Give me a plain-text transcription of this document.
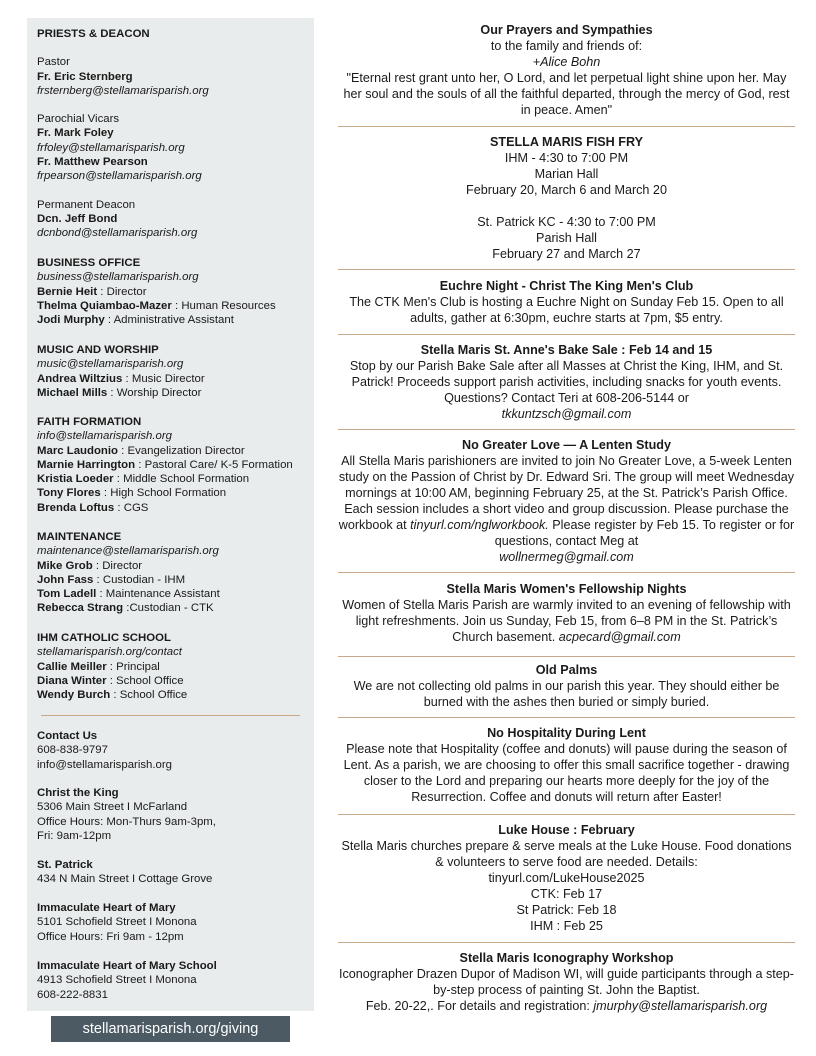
PRIESTS & DEACON
Pastor
Fr. Eric Sternberg
frsternberg@stellamarisparish.org
Parochial Vicars
Fr. Mark Foley
frfoley@stellamarisparish.org
Fr. Matthew Pearson
frpearson@stellamarisparish.org
Permanent Deacon
Dcn. Jeff Bond
dcnbond@stellamarisparish.org
BUSINESS OFFICE
business@stellamarisparish.org
Bernie Heit : Director
Thelma Quiambao-Mazer : Human Resources
Jodi Murphy : Administrative Assistant
MUSIC AND WORSHIP
music@stellamarisparish.org
Andrea Wiltzius : Music Director
Michael Mills : Worship Director
FAITH FORMATION
info@stellamarisparish.org
Marc Laudonio : Evangelization Director
Marnie Harrington : Pastoral Care/ K-5 Formation
Kristia Loeder : Middle School Formation
Tony Flores : High School Formation
Brenda Loftus : CGS
MAINTENANCE
maintenance@stellamarisparish.org
Mike Grob : Director
John Fass : Custodian - IHM
Tom Ladell : Maintenance Assistant
Rebecca Strang :Custodian - CTK
IHM CATHOLIC SCHOOL
stellamarisparish.org/contact
Callie Meiller : Principal
Diana Winter : School Office
Wendy Burch : School Office
Contact Us
608-838-9797
info@stellamarisparish.org
Christ the King
5306 Main Street I McFarland
Office Hours: Mon-Thurs 9am-3pm,
Fri: 9am-12pm
St. Patrick
434 N Main Street I Cottage Grove
Immaculate Heart of Mary
5101 Schofield Street I Monona
Office Hours: Fri 9am - 12pm
Immaculate Heart of Mary School
4913 Schofield Street I Monona
608-222-8831
stellamarisparish.org/giving
Our Prayers and Sympathies
to the family and friends of:
+Alice Bohn
"Eternal rest grant unto her, O Lord, and let perpetual light shine upon her. May her soul and the souls of all the faithful departed, through the mercy of God, rest in peace. Amen"
STELLA MARIS FISH FRY
IHM - 4:30 to 7:00 PM
Marian Hall
February 20, March 6 and March 20
St. Patrick KC - 4:30 to 7:00 PM
Parish Hall
February 27 and March 27
Euchre Night - Christ The King Men's Club
The CTK Men's Club is hosting a Euchre Night on Sunday Feb 15. Open to all adults, gather at 6:30pm, euchre starts at 7pm, $5 entry.
Stella Maris St. Anne's Bake Sale : Feb 14 and 15
Stop by our Parish Bake Sale after all Masses at Christ the King, IHM, and St. Patrick! Proceeds support parish activities, including snacks for youth events. Questions? Contact Teri at 608-206-5144 or
tkkuntzsch@gmail.com
No Greater Love — A Lenten Study
All Stella Maris parishioners are invited to join No Greater Love, a 5-week Lenten study on the Passion of Christ by Dr. Edward Sri. The group will meet Wednesday mornings at 10:00 AM, beginning February 25, at the St. Patrick’s Parish Office. Each session includes a short video and group discussion. Please purchase the workbook at tinyurl.com/nglworkbook. Please register by Feb 15. To register or for questions, contact Meg at
wollnermeg@gmail.com
Stella Maris Women's Fellowship Nights
Women of Stella Maris Parish are warmly invited to an evening of fellowship with light refreshments. Join us Sunday, Feb 15, from 6–8 PM in the St. Patrick’s Church basement. acpecard@gmail.com
Old Palms
We are not collecting old palms in our parish this year. They should either be burned with the ashes then buried or simply buried.
No Hospitality During Lent
Please note that Hospitality (coffee and donuts) will pause during the season of Lent. As a parish, we are choosing to offer this small sacrifice together - drawing closer to the Lord and preparing our hearts more deeply for the joy of the Resurrection. Coffee and donuts will return after Easter!
Luke House : February
Stella Maris churches prepare & serve meals at the Luke House. Food donations & volunteers to serve food are needed. Details:
tinyurl.com/LukeHouse2025
CTK: Feb 17
St Patrick: Feb 18
IHM : Feb 25
Stella Maris Iconography Workshop
Iconographer Drazen Dupor of Madison WI, will guide participants through a step-by-step process of painting St. John the Baptist.
Feb. 20-22,. For details and registration: jmurphy@stellamarisparish.org
